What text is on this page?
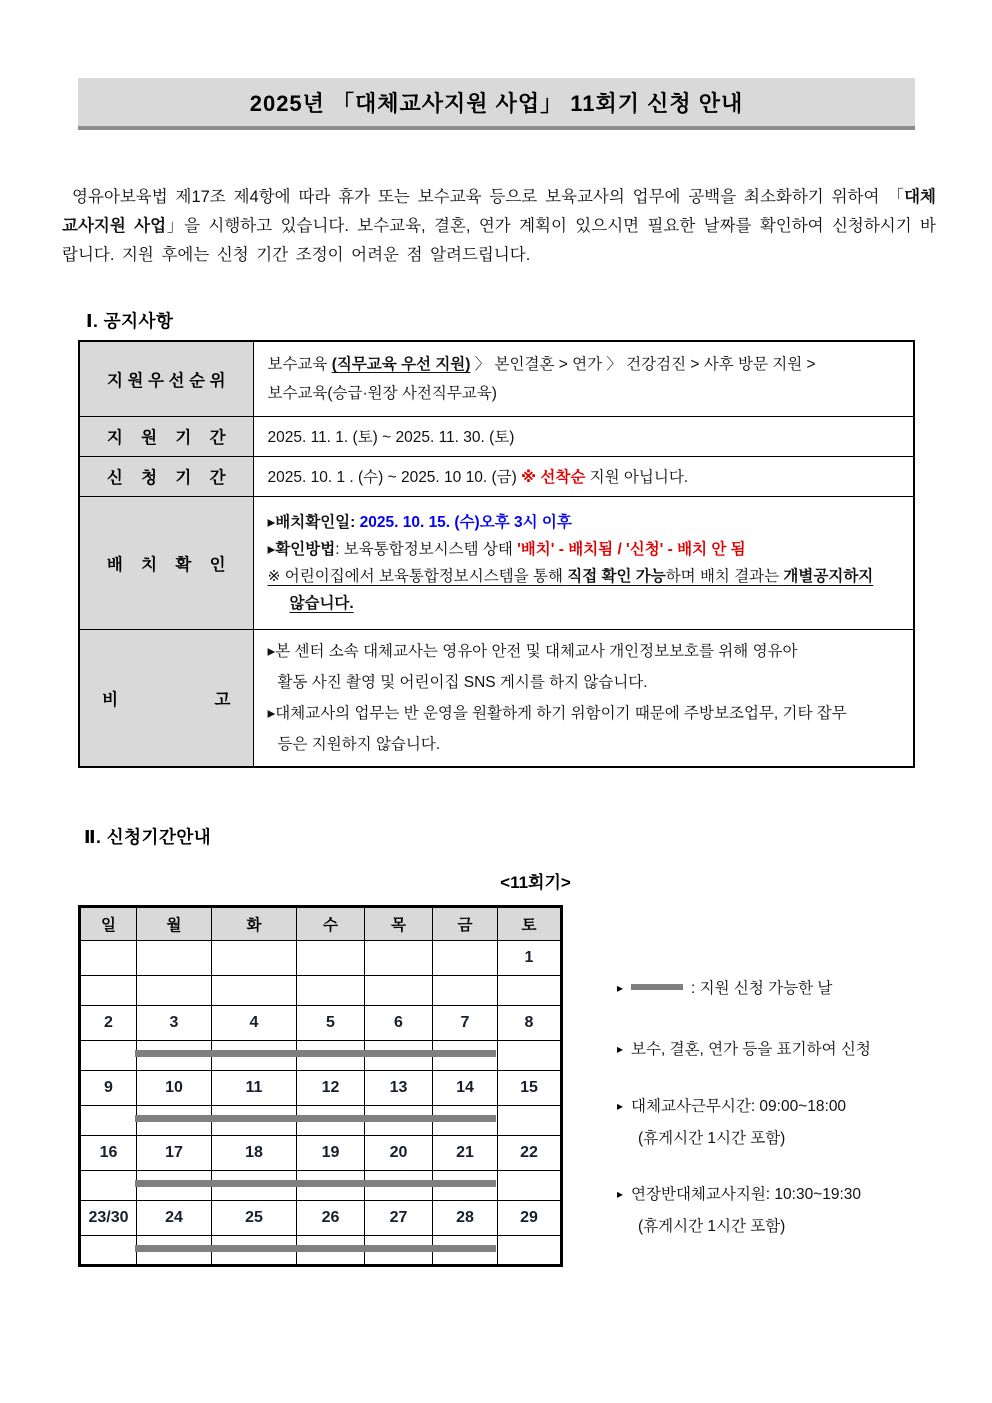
2025년 「대체교사지원 사업」 11회기 신청 안내

영유아보육법 제17조 제4항에 따라 휴가 또는 보수교육 등으로 보육교사의 업무에 공백을 최소화하기 위하여 「대체교사지원 사업」을 시행하고 있습니다. 보수교육, 결혼, 연가 계획이 있으시면 필요한 날짜를 확인하여 신청하시기 바랍니다. 지원 후에는 신청 기간 조정이 어려운 점 알려드립니다.

Ⅰ. 공지사항
지 원 우 선 순 위	보수교육 (직무교육 우선 지원) 〉 본인결혼 > 연가 〉 건강검진 > 사후 방문 지원 >
보수교육(승급·원장 사전직무교육)

지    원    기    간	2025. 11. 1. (토) ~ 2025. 11. 30. (토)
신    청    기    간	2025. 10. 1 . (수) ~ 2025. 10 10. (금) ※ 선착순 지원 아닙니다.
배    치    확    인	▸배치확인일: 2025. 10. 15. (수)오후 3시 이후
▸확인방법: 보육통합정보시스템 상태 '배치' - 배치됨 / '신청' - 배치 안 됨
※ 어린이집에서 보육통합정보시스템을 통해 직접 확인 가능하며 배치 결과는 개별공지하지
않습니다.

비                     고	▸본 센터 소속 대체교사는 영유아 안전 및 대체교사 개인정보보호를 위해 영유아
활동 사진 촬영 및 어린이집 SNS 게시를 하지 않습니다.
▸대체교사의 업무는 반 운영을 원활하게 하기 위함이기 때문에 주방보조업무, 기타 잡무
등은 지원하지 않습니다.
Ⅱ. 신청기간안내
<11회기>
일	월	화	수	목	금	토
						1

2	3	4	5	6	7	8

9	10	11	12	13	14	15

16	17	18	19	20	21	22

23/30	24	25	26	27	28	29

▸	: 지원 신청 가능한 날
▸ 보수, 결혼, 연가 등을 표기하여 신청
▸ 대체교사근무시간: 09:00~18:00
(휴게시간 1시간 포함)
▸ 연장반대체교사지원: 10:30~19:30
(휴게시간 1시간 포함)
